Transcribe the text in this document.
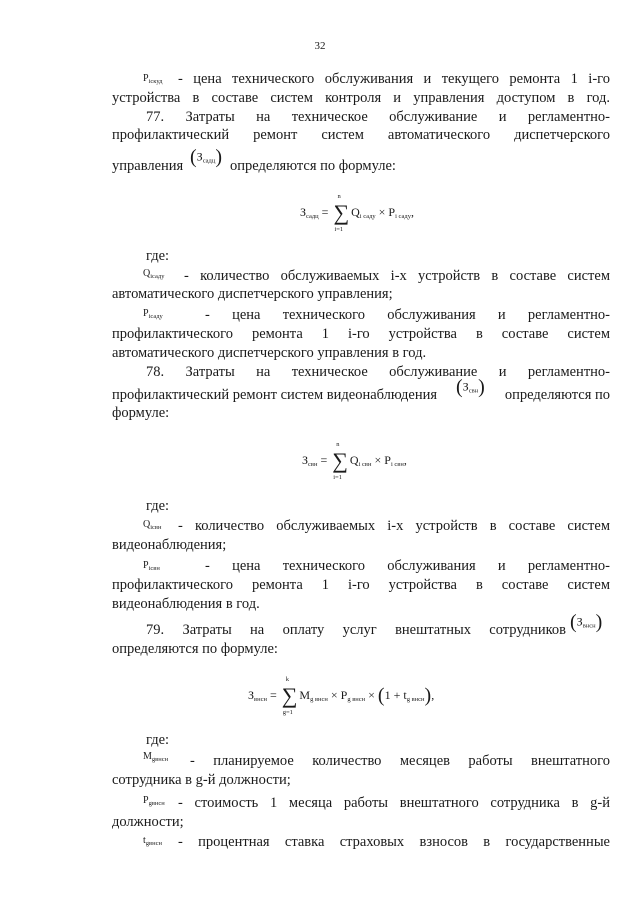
32
$P_{iскуд}$ - цена технического обслуживания и текущего ремонта 1 i-го
устройства в составе систем контроля и управления доступом в год.
77. Затраты на техническое обслуживание и регламентно-
профилактический ремонт систем автоматического диспетчерского
управления $(З_{садц})$ определяются по формуле:
$З_{садц}$ =
n
∑
i=1
$Q_{i саду} \times P_{i саду}$,
где:
$Q_{iсаду}$ - количество обслуживаемых i-х устройств в составе систем
автоматического диспетчерского управления;
$P_{iсаду}$	- цена технического обслуживания и регламентно-
профилактического ремонта 1 i-го устройства в составе систем
автоматического диспетчерского управления в год.
78. Затраты на техническое обслуживание и регламентно-
профилактический ремонт систем видеонаблюдения $(З_{свн})$ определяются по
формуле:
$З_{свн}$ =
n
∑
i=1
$Q_{i свн} \times P_{i свн}$,
где:
$Q_{iсвн}$ - количество обслуживаемых i-х устройств в составе систем
видеонаблюдения;
$P_{iсвн}$	- цена технического обслуживания и регламентно-
профилактического ремонта 1 i-го устройства в составе систем
видеонаблюдения в год.
79. Затраты на оплату услуг внештатных сотрудников $(З_{внсн})$
определяются по формуле:
$З_{внсн}$ =
k
∑
g=1
$M_{g внсн} \times P_{g внсн} \times (1 + t_{g внсн})$,
где:
$M_{gвнсн}$ - планируемое количество месяцев работы внештатного
сотрудника в g-й должности;
$P_{gвнсн}$ - стоимость 1 месяца работы внештатного сотрудника в g-й
должности;
$t_{gвнсн}$ - процентная ставка страховых взносов в государственные
